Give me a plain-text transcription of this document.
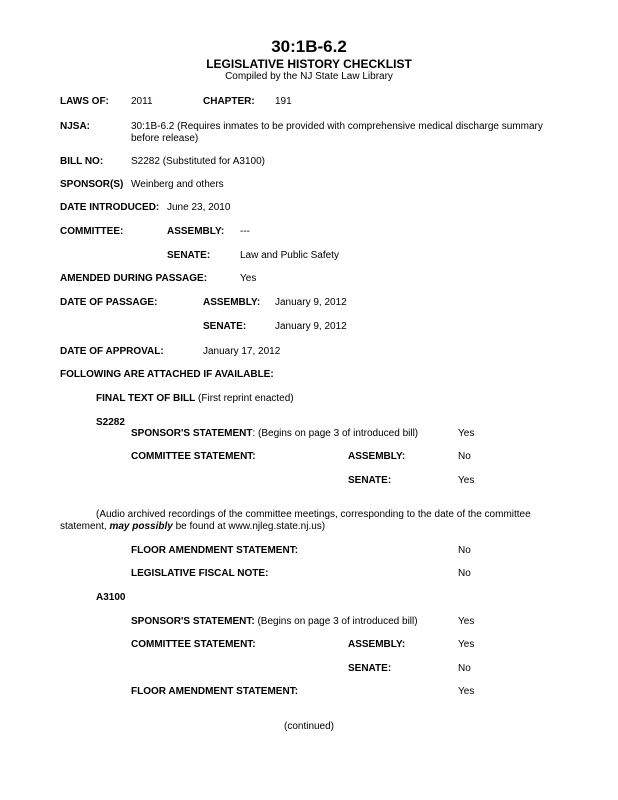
30:1B-6.2
LEGISLATIVE HISTORY CHECKLIST
Compiled by the NJ State Law Library
LAWS OF: 2011	CHAPTER: 191
NJSA:	30:1B-6.2 (Requires inmates to be provided with comprehensive medical discharge summary before release)
BILL NO:	S2282 (Substituted for A3100)
SPONSOR(S) Weinberg and others
DATE INTRODUCED: June 23, 2010
COMMITTEE:	ASSEMBLY: ---
SENATE:	Law and Public Safety
AMENDED DURING PASSAGE:	Yes
DATE OF PASSAGE:	ASSEMBLY: January 9, 2012
SENATE:	January 9, 2012
DATE OF APPROVAL:	January 17, 2012
FOLLOWING ARE ATTACHED IF AVAILABLE:
FINAL TEXT OF BILL (First reprint enacted)
S2282
SPONSOR'S STATEMENT: (Begins on page 3 of introduced bill)	Yes
COMMITTEE STATEMENT:	ASSEMBLY:	No
SENATE:	Yes
(Audio archived recordings of the committee meetings, corresponding to the date of the committee statement, may possibly be found at www.njleg.state.nj.us)
FLOOR AMENDMENT STATEMENT:	No
LEGISLATIVE FISCAL NOTE:	No
A3100
SPONSOR'S STATEMENT: (Begins on page 3 of introduced bill)	Yes
COMMITTEE STATEMENT:	ASSEMBLY:	Yes
SENATE:	No
FLOOR AMENDMENT STATEMENT:	Yes
(continued)
